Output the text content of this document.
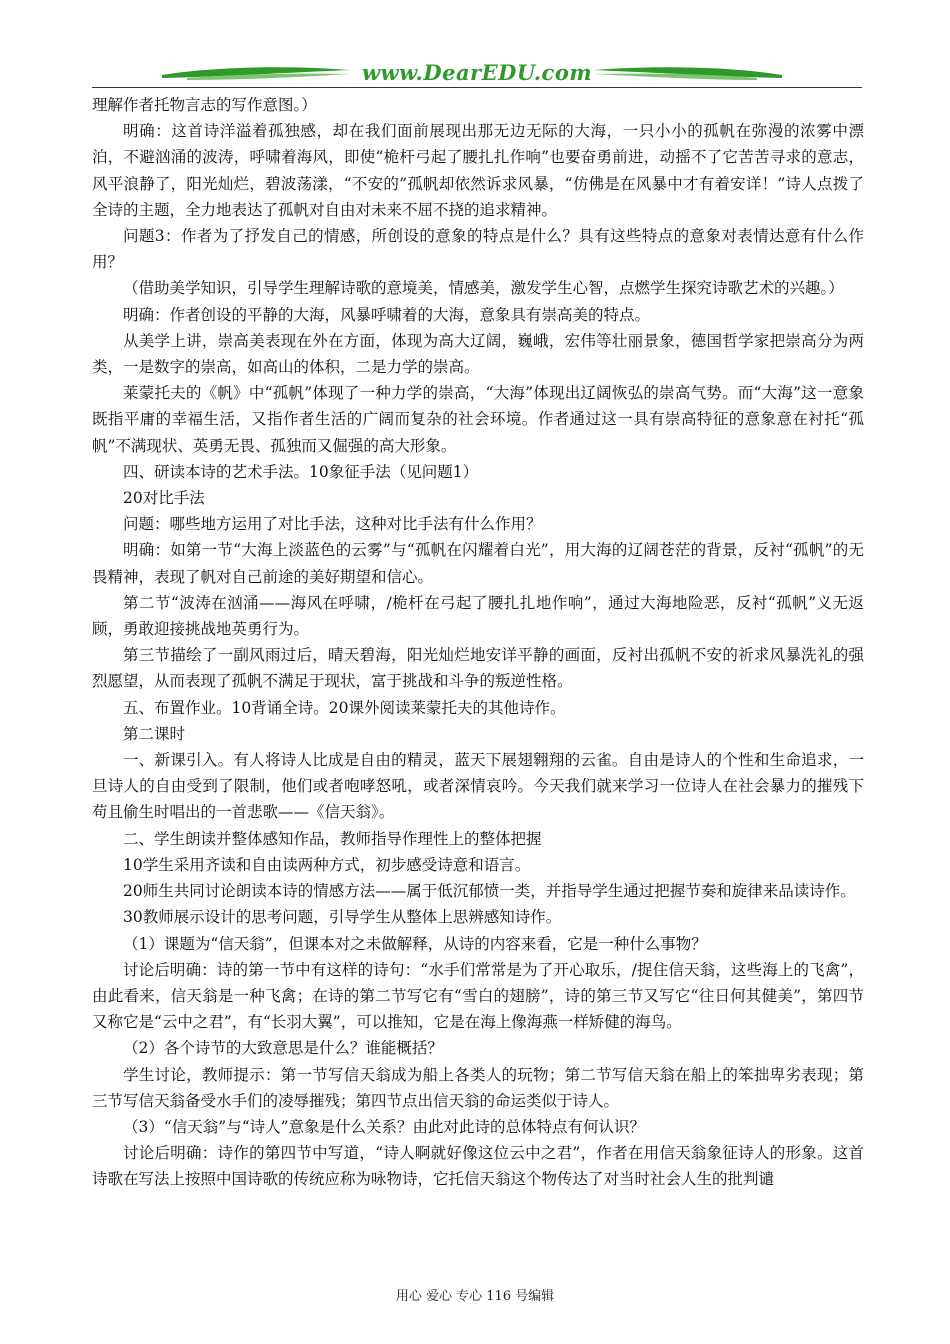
www.DearEDU.com

理解作者托物言志的写作意图。）

明确：这首诗洋溢着孤独感，却在我们面前展现出那无边无际的大海，一只小小的孤帆在弥漫的浓雾中漂泊，不避汹涌的波涛，呼啸着海风，即使“桅杆弓起了腰扎扎作响”也要奋勇前进，动摇不了它苦苦寻求的意志，风平浪静了，阳光灿烂，碧波荡漾，“不安的”孤帆却依然诉求风暴，“仿佛是在风暴中才有着安详！”诗人点拨了全诗的主题，全力地表达了孤帆对自由对未来不屈不挠的追求精神。

问题3：作者为了抒发自己的情感，所创设的意象的特点是什么？具有这些特点的意象对表情达意有什么作用？

（借助美学知识，引导学生理解诗歌的意境美，情感美，激发学生心智，点燃学生探究诗歌艺术的兴趣。）

明确：作者创设的平静的大海，风暴呼啸着的大海，意象具有崇高美的特点。

从美学上讲，崇高美表现在外在方面，体现为高大辽阔，巍峨，宏伟等壮丽景象，德国哲学家把崇高分为两类，一是数字的崇高，如高山的体积，二是力学的崇高。

莱蒙托夫的《帆》中“孤帆”体现了一种力学的崇高，“大海”体现出辽阔恢弘的崇高气势。而“大海”这一意象既指平庸的幸福生活，又指作者生活的广阔而复杂的社会环境。作者通过这一具有崇高特征的意象意在衬托“孤帆”不满现状、英勇无畏、孤独而又倔强的高大形象。

四、研读本诗的艺术手法。10象征手法（见问题1）

20对比手法

问题：哪些地方运用了对比手法，这种对比手法有什么作用？

明确：如第一节“大海上淡蓝色的云雾”与“孤帆在闪耀着白光”，用大海的辽阔苍茫的背景，反衬“孤帆”的无畏精神，表现了帆对自己前途的美好期望和信心。

第二节“波涛在汹涌——海风在呼啸，/桅杆在弓起了腰扎扎地作响”，通过大海地险恶，反衬“孤帆”义无返顾，勇敢迎接挑战地英勇行为。

第三节描绘了一副风雨过后，晴天碧海，阳光灿烂地安详平静的画面，反衬出孤帆不安的祈求风暴洗礼的强烈愿望，从而表现了孤帆不满足于现状，富于挑战和斗争的叛逆性格。

五、布置作业。10背诵全诗。20课外阅读莱蒙托夫的其他诗作。

第二课时

一、新课引入。有人将诗人比成是自由的精灵，蓝天下展翅翱翔的云雀。自由是诗人的个性和生命追求，一旦诗人的自由受到了限制，他们或者咆哮怒吼，或者深情哀吟。今天我们就来学习一位诗人在社会暴力的摧残下苟且偷生时唱出的一首悲歌——《信天翁》。

二、学生朗读并整体感知作品，教师指导作理性上的整体把握

10学生采用齐读和自由读两种方式，初步感受诗意和语言。

20师生共同讨论朗读本诗的情感方法——属于低沉郁愤一类，并指导学生通过把握节奏和旋律来品读诗作。

30教师展示设计的思考问题，引导学生从整体上思辨感知诗作。

（1）课题为“信天翁”，但课本对之未做解释，从诗的内容来看，它是一种什么事物？

讨论后明确：诗的第一节中有这样的诗句：“水手们常常是为了开心取乐，/捉住信天翁，这些海上的飞禽”，由此看来，信天翁是一种飞禽；在诗的第二节写它有“雪白的翅膀”，诗的第三节又写它“往日何其健美”，第四节又称它是“云中之君”，有“长羽大翼”，可以推知，它是在海上像海燕一样矫健的海鸟。

（2）各个诗节的大致意思是什么？谁能概括？

学生讨论，教师提示：第一节写信天翁成为船上各类人的玩物；第二节写信天翁在船上的笨拙卑劣表现；第三节写信天翁备受水手们的凌辱摧残；第四节点出信天翁的命运类似于诗人。

（3）“信天翁”与“诗人”意象是什么关系？由此对此诗的总体特点有何认识？

讨论后明确：诗作的第四节中写道，“诗人啊就好像这位云中之君”，作者在用信天翁象征诗人的形象。这首诗歌在写法上按照中国诗歌的传统应称为咏物诗，它托信天翁这个物传达了对当时社会人生的批判谴

用心 爱心 专心 116 号编辑
